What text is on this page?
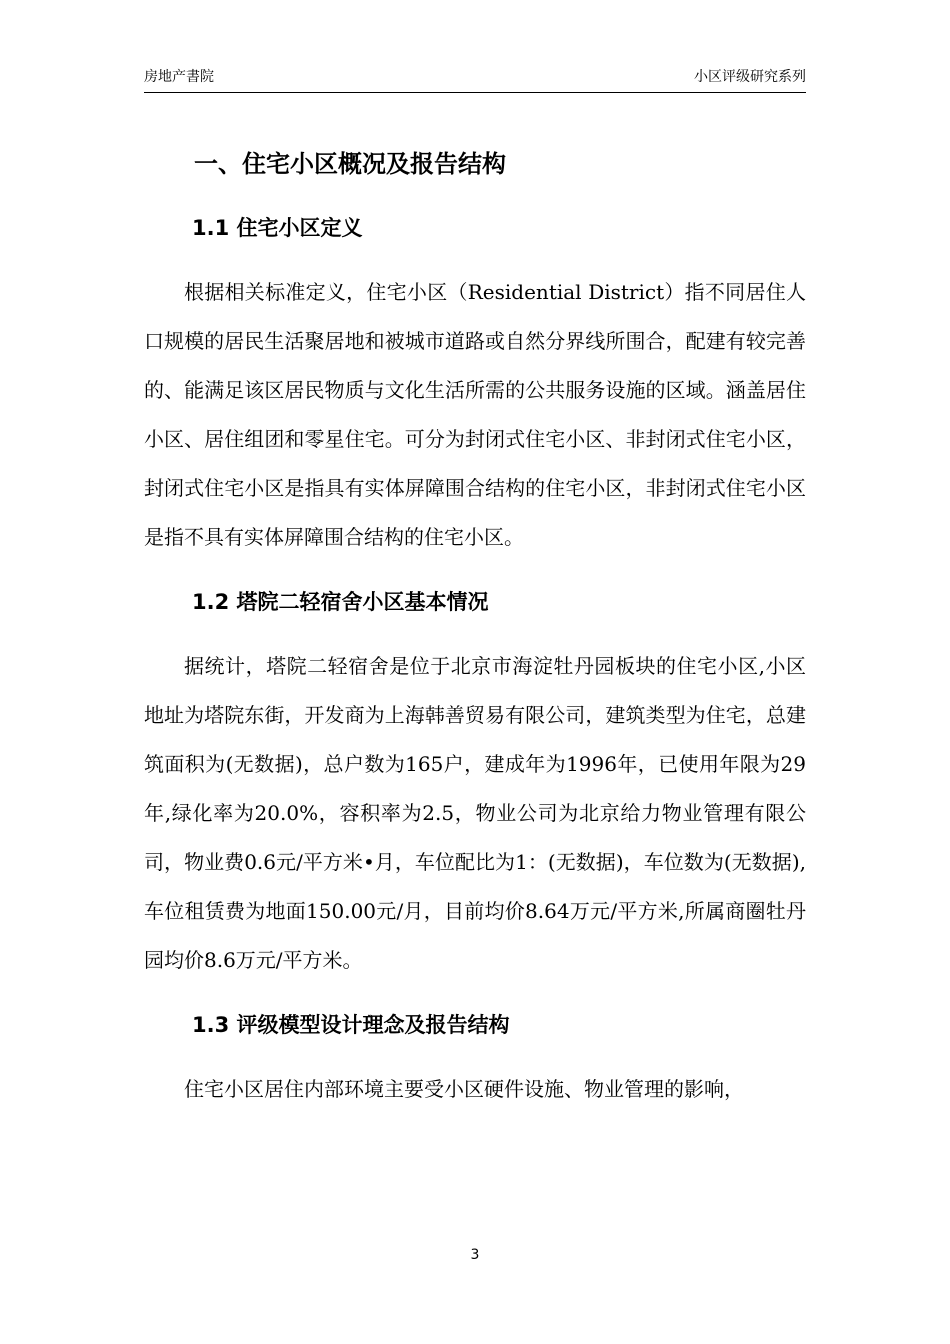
房地产書院	小区评级研究系列
一、住宅小区概况及报告结构
1.1 住宅小区定义

根据相关标准定义，住宅小区（Residential District）指不同居住人口规模的居民生活聚居地和被城市道路或自然分界线所围合，配建有较完善的、能满足该区居民物质与文化生活所需的公共服务设施的区域。涵盖居住小区、居住组团和零星住宅。可分为封闭式住宅小区、非封闭式住宅小区，封闭式住宅小区是指具有实体屏障围合结构的住宅小区，非封闭式住宅小区是指不具有实体屏障围合结构的住宅小区。

1.2 塔院二轻宿舍小区基本情况

据统计，塔院二轻宿舍是位于北京市海淀牡丹园板块的住宅小区,小区地址为塔院东街，开发商为上海韩善贸易有限公司，建筑类型为住宅，总建筑面积为(无数据)，总户数为165户，建成年为1996年，已使用年限为29年,绿化率为20.0%，容积率为2.5，物业公司为北京给力物业管理有限公司，物业费0.6元/平方米•月，车位配比为1：(无数据)，车位数为(无数据),车位租赁费为地面150.00元/月，目前均价8.64万元/平方米,所属商圈牡丹园均价8.6万元/平方米。

1.3 评级模型设计理念及报告结构

住宅小区居住内部环境主要受小区硬件设施、物业管理的影响，

3
